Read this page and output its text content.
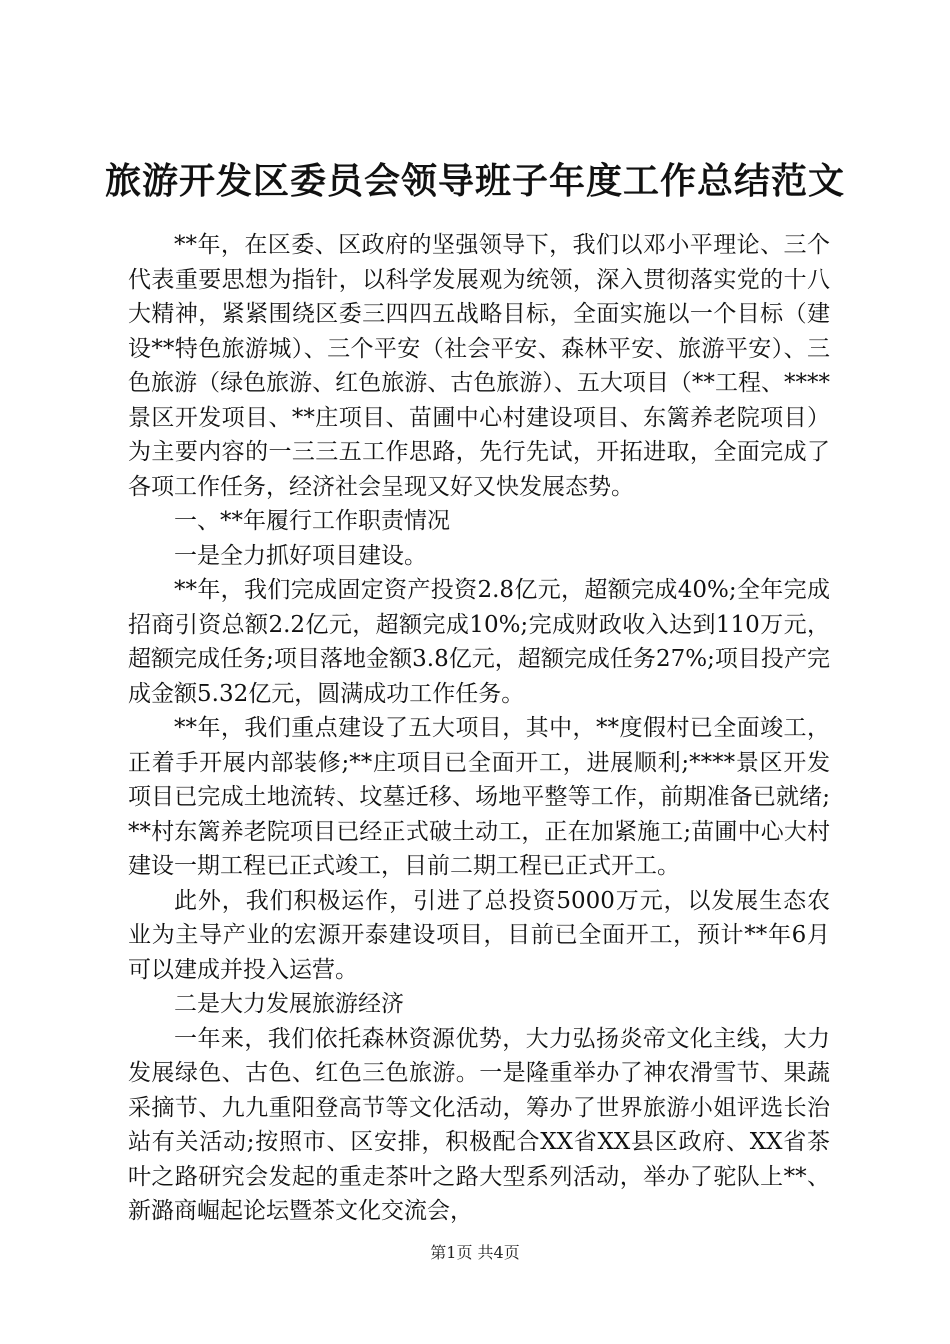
旅游开发区委员会领导班子年度工作总结范文

**年，在区委、区政府的坚强领导下，我们以邓小平理论、三个代表重要思想为指针，以科学发展观为统领，深入贯彻落实党的十八大精神，紧紧围绕区委三四四五战略目标，全面实施以一个目标（建设**特色旅游城）、三个平安（社会平安、森林平安、旅游平安）、三色旅游（绿色旅游、红色旅游、古色旅游）、五大项目（**工程、****景区开发项目、**庄项目、苗圃中心村建设项目、东篱养老院项目）为主要内容的一三三五工作思路，先行先试，开拓进取，全面完成了各项工作任务，经济社会呈现又好又快发展态势。

一、**年履行工作职责情况

一是全力抓好项目建设。

**年，我们完成固定资产投资2.8亿元，超额完成40%;全年完成招商引资总额2.2亿元，超额完成10%;完成财政收入达到110万元，超额完成任务;项目落地金额3.8亿元，超额完成任务27%;项目投产完成金额5.32亿元，圆满成功工作任务。

**年，我们重点建设了五大项目，其中，**度假村已全面竣工，正着手开展内部装修;**庄项目已全面开工，进展顺利;****景区开发项目已完成土地流转、坟墓迁移、场地平整等工作，前期准备已就绪;**村东篱养老院项目已经正式破土动工，正在加紧施工;苗圃中心大村建设一期工程已正式竣工，目前二期工程已正式开工。

此外，我们积极运作，引进了总投资5000万元，以发展生态农业为主导产业的宏源开泰建设项目，目前已全面开工，预计**年6月可以建成并投入运营。

二是大力发展旅游经济

一年来，我们依托森林资源优势，大力弘扬炎帝文化主线，大力发展绿色、古色、红色三色旅游。一是隆重举办了神农滑雪节、果蔬采摘节、九九重阳登高节等文化活动，筹办了世界旅游小姐评选长治站有关活动;按照市、区安排，积极配合XX省XX县区政府、XX省茶叶之路研究会发起的重走茶叶之路大型系列活动，举办了驼队上**、新潞商崛起论坛暨茶文化交流会，

第1页 共4页
